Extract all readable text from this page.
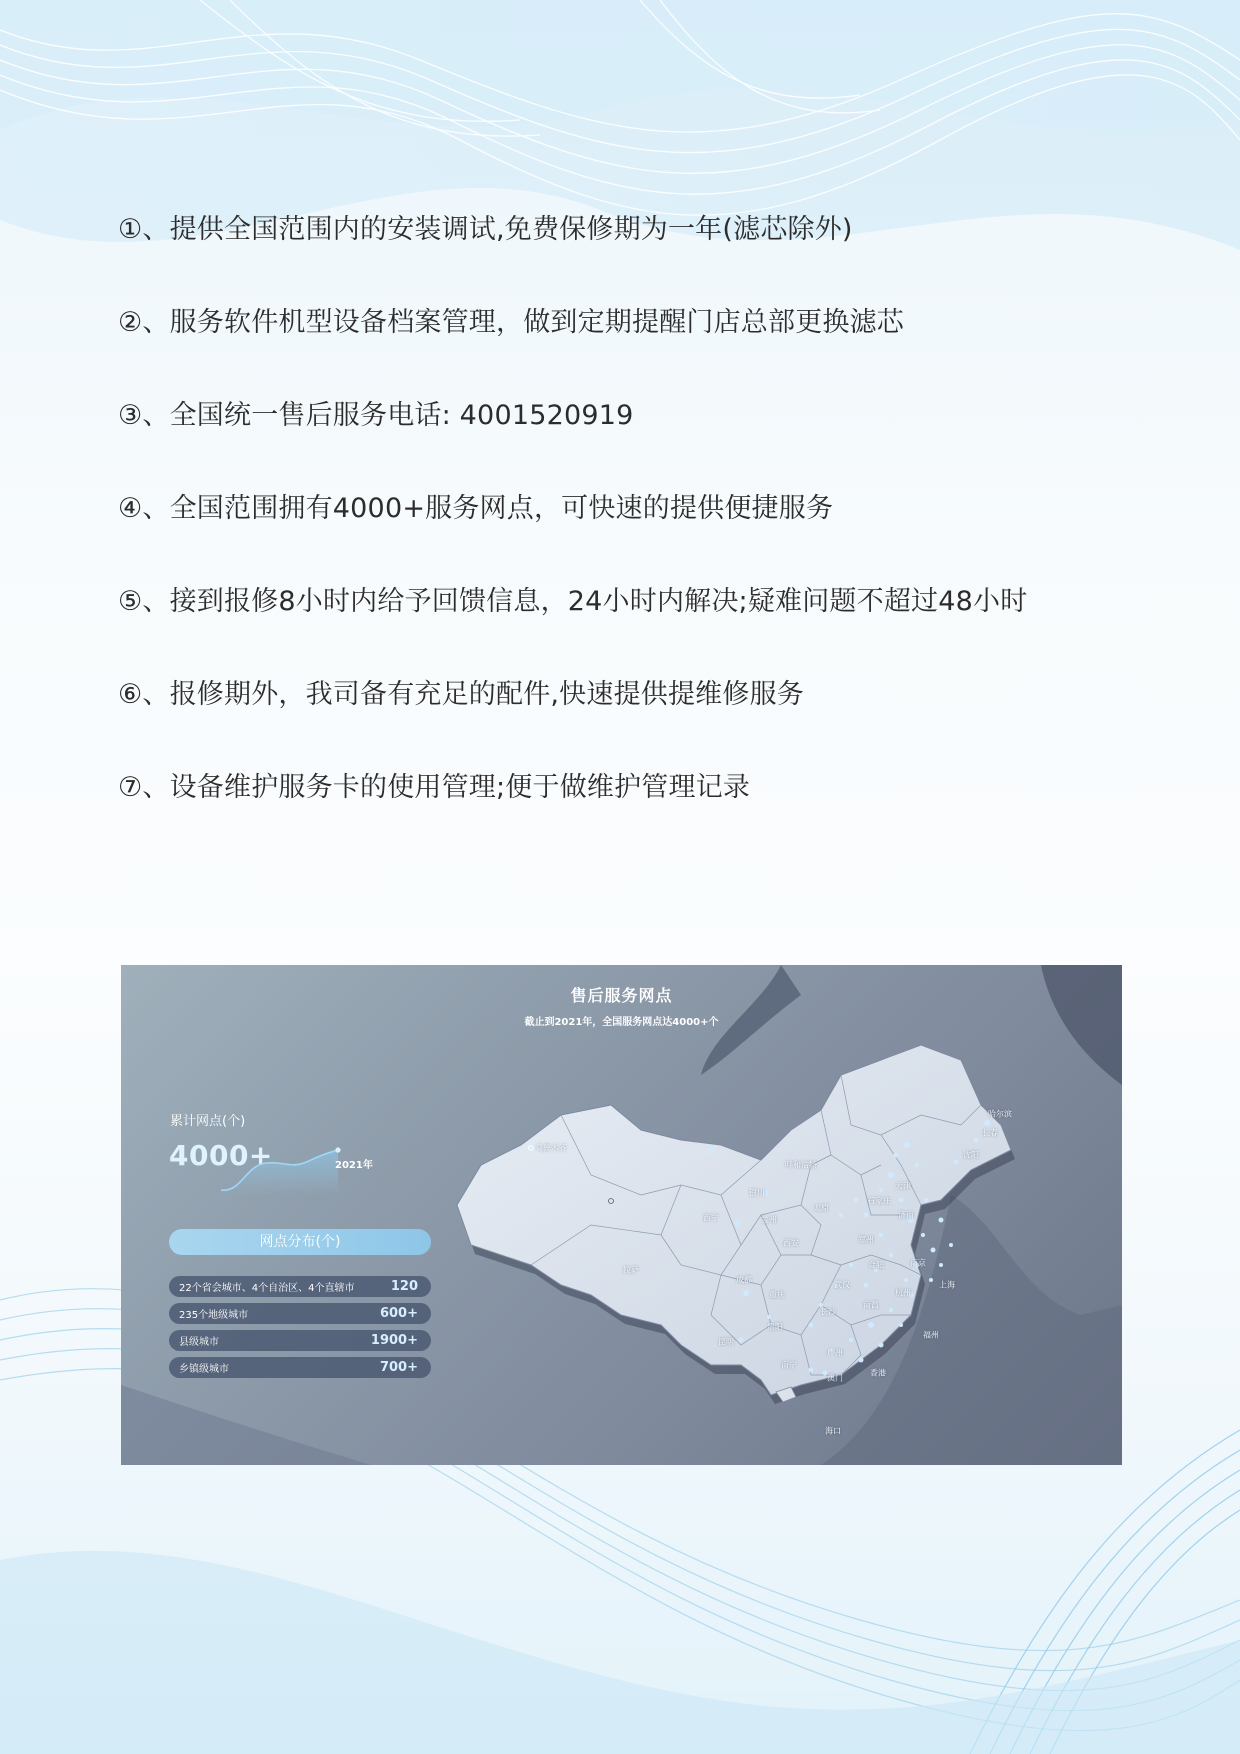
①、提供全国范围内的安装调试,免费保修期为一年(滤芯除外)
②、服务软件机型设备档案管理，做到定期提醒门店总部更换滤芯
③、全国统一售后服务电话: 4001520919
④、全国范围拥有4000+服务网点，可快速的提供便捷服务
⑤、接到报修8小时内给予回馈信息，24小时内解决;疑难问题不超过48小时
⑥、报修期外，我司备有充足的配件,快速提供提维修服务
⑦、设备维护服务卡的使用管理;便于做维护管理记录
哈尔滨
长春
沈阳
乌鲁木齐
呼和浩特
天津
太原
石家庄
济南
银川
西宁	兰州
西安	郑州
拉萨
成都
重庆
南京
合肥
上海
武汉
杭州
长沙
南昌
昆明
贵阳
福州
南宁
广州
澳门
香港
海口
售后服务网点
截止到2021年，全国服务网点达4000+个
累计网点(个)
4000+	2021年
网点分布(个)
22个省会城市、4个自治区、4个直辖市	120
235个地级城市	600+
县级城市	1900+
乡镇级城市	700+
